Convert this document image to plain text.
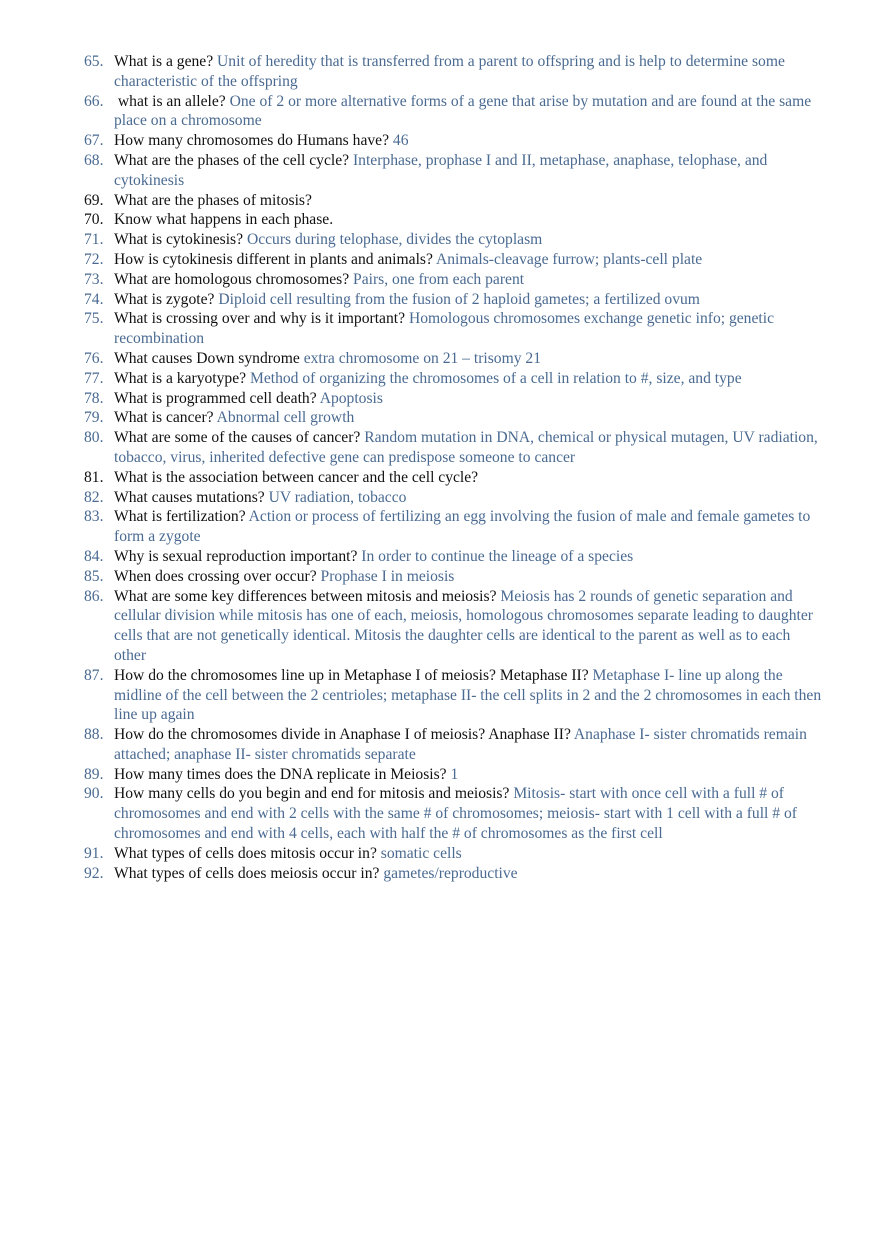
65. What is a gene? Unit of heredity that is transferred from a parent to offspring and is help to determine some characteristic of the offspring
66. what is an allele? One of 2 or more alternative forms of a gene that arise by mutation and are found at the same place on a chromosome
67. How many chromosomes do Humans have? 46
68. What are the phases of the cell cycle? Interphase, prophase I and II, metaphase, anaphase, telophase, and cytokinesis
69. What are the phases of mitosis?
70. Know what happens in each phase.
71. What is cytokinesis? Occurs during telophase, divides the cytoplasm
72. How is cytokinesis different in plants and animals? Animals-cleavage furrow; plants-cell plate
73. What are homologous chromosomes? Pairs, one from each parent
74. What is zygote? Diploid cell resulting from the fusion of 2 haploid gametes; a fertilized ovum
75. What is crossing over and why is it important? Homologous chromosomes exchange genetic info; genetic recombination
76. What causes Down syndrome extra chromosome on 21 – trisomy 21
77. What is a karyotype? Method of organizing the chromosomes of a cell in relation to #, size, and type
78. What is programmed cell death? Apoptosis
79. What is cancer? Abnormal cell growth
80. What are some of the causes of cancer? Random mutation in DNA, chemical or physical mutagen, UV radiation, tobacco, virus, inherited defective gene can predispose someone to cancer
81. What is the association between cancer and the cell cycle?
82. What causes mutations? UV radiation, tobacco
83. What is fertilization? Action or process of fertilizing an egg involving the fusion of male and female gametes to form a zygote
84. Why is sexual reproduction important? In order to continue the lineage of a species
85. When does crossing over occur? Prophase I in meiosis
86. What are some key differences between mitosis and meiosis? Meiosis has 2 rounds of genetic separation and cellular division while mitosis has one of each, meiosis, homologous chromosomes separate leading to daughter cells that are not genetically identical. Mitosis the daughter cells are identical to the parent as well as to each other
87. How do the chromosomes line up in Metaphase I of meiosis? Metaphase II? Metaphase I- line up along the midline of the cell between the 2 centrioles; metaphase II- the cell splits in 2 and the 2 chromosomes in each then line up again
88. How do the chromosomes divide in Anaphase I of meiosis? Anaphase II? Anaphase I- sister chromatids remain attached; anaphase II- sister chromatids separate
89. How many times does the DNA replicate in Meiosis? 1
90. How many cells do you begin and end for mitosis and meiosis? Mitosis- start with once cell with a full # of chromosomes and end with 2 cells with the same # of chromosomes; meiosis- start with 1 cell with a full # of chromosomes and end with 4 cells, each with half the # of chromosomes as the first cell
91. What types of cells does mitosis occur in? somatic cells
92. What types of cells does meiosis occur in? gametes/reproductive
